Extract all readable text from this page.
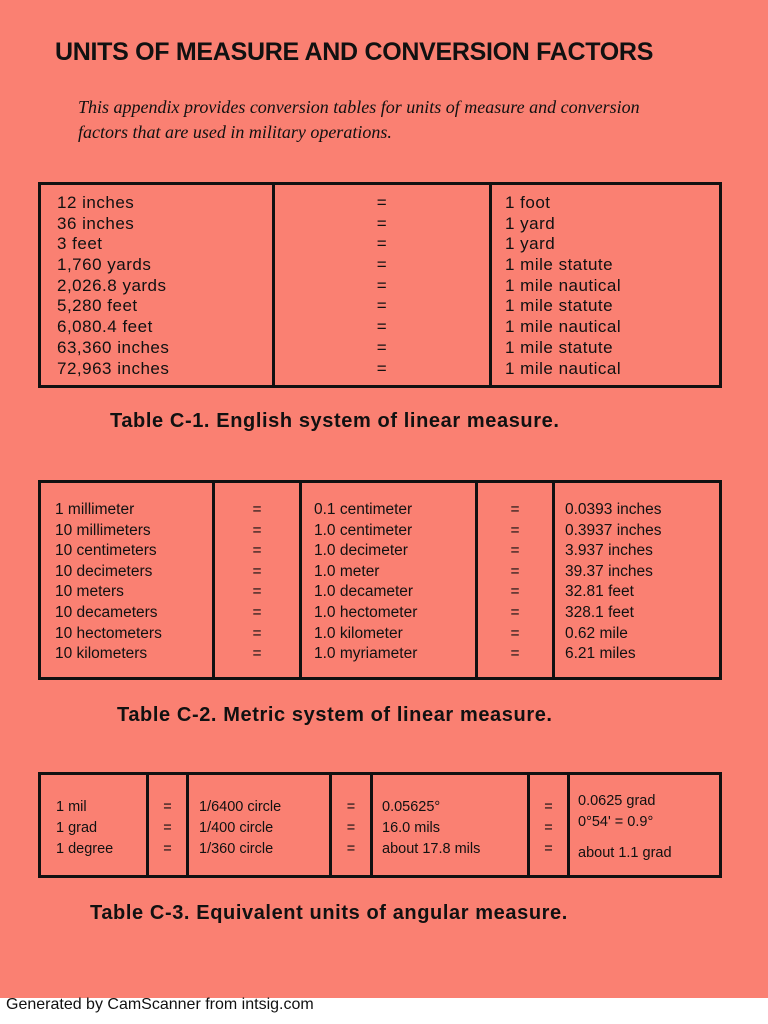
UNITS OF MEASURE AND CONVERSION FACTORS
This appendix provides conversion tables for units of measure and conversion factors that are used in military operations.
12 inches
36 inches
3 feet
1,760 yards
2,026.8 yards
5,280 feet
6,080.4 feet
63,360 inches
72,963 inches
=
=
=
=
=
=
=
=
=
1 foot
1 yard
1 yard
1 mile statute
1 mile nautical
1 mile statute
1 mile nautical
1 mile statute
1 mile nautical
Table C-1. English system of linear measure.
1 millimeter
10 millimeters
10 centimeters
10 decimeters
10 meters
10 decameters
10 hectometers
10 kilometers
=
=
=
=
=
=
=
=
0.1 centimeter
1.0 centimeter
1.0 decimeter
1.0 meter
1.0 decameter
1.0 hectometer
1.0 kilometer
1.0 myriameter
=
=
=
=
=
=
=
=
0.0393 inches
0.3937 inches
3.937 inches
39.37 inches
32.81 feet
328.1 feet
0.62 mile
6.21 miles
Table C-2. Metric system of linear measure.
1 mil
1 grad
1 degree
=
=
=
1/6400 circle
1/400 circle
1/360 circle
=
=
=
0.05625°
16.0 mils
about 17.8 mils
=
=
=
0.0625 grad
0°54' = 0.9°
about 1.1 grad
Table C-3. Equivalent units of angular measure.
Generated by CamScanner from intsig.com
